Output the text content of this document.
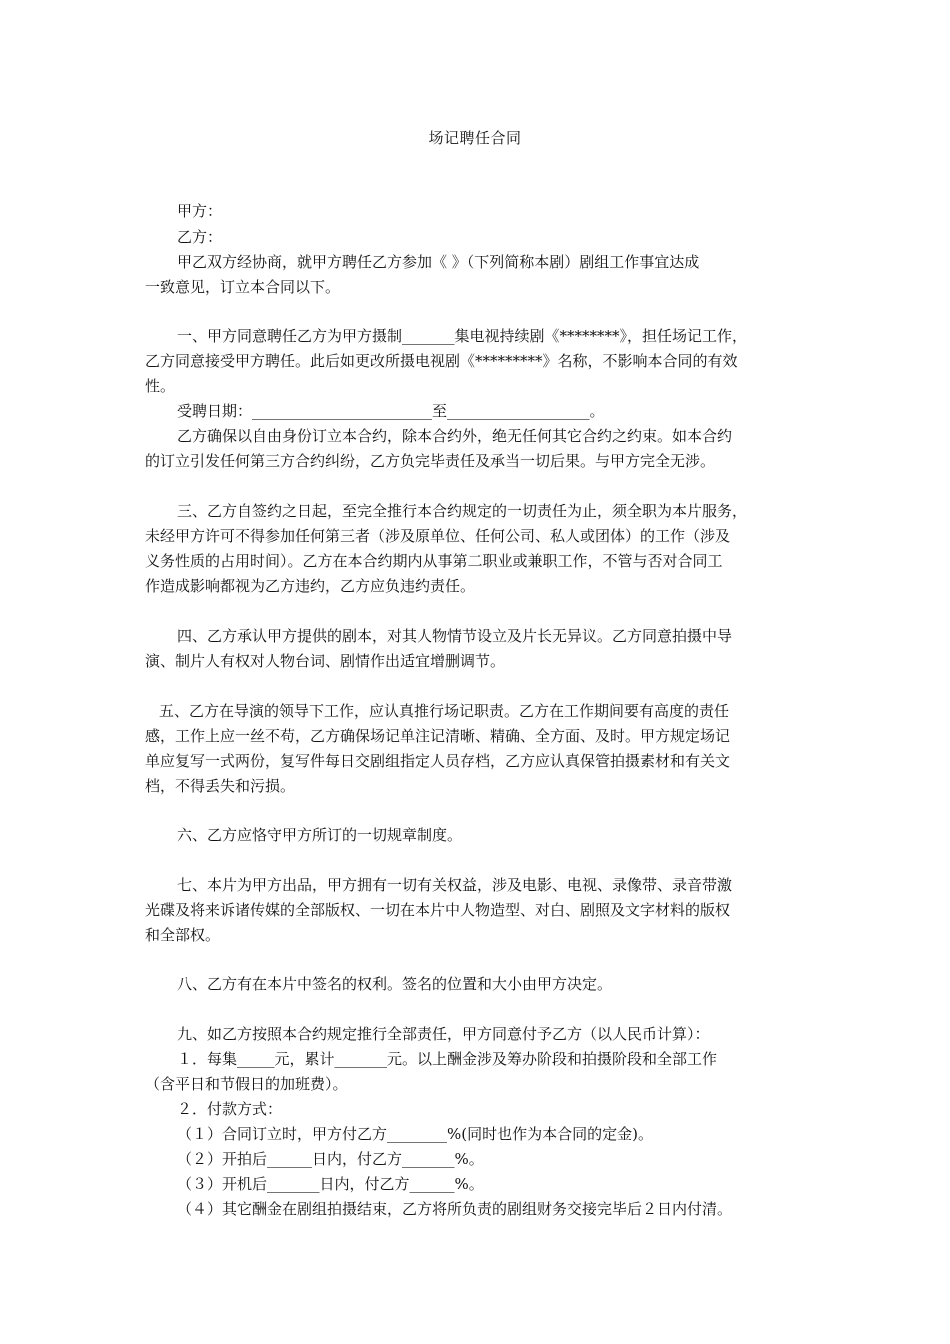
场记聘任合同
甲方：
乙方：
甲乙双方经协商，就甲方聘任乙方参加《 》（下列简称本剧）剧组工作事宜达成
一致意见，订立本合同以下。
一、甲方同意聘任乙方为甲方摄制_______集电视持续剧《********》，担任场记工作，
乙方同意接受甲方聘任。此后如更改所摄电视剧《*********》名称，不影响本合同的有效
性。
受聘日期：________________________至___________________。
乙方确保以自由身份订立本合约，除本合约外，绝无任何其它合约之约束。如本合约
的订立引发任何第三方合约纠纷，乙方负完毕责任及承当一切后果。与甲方完全无涉。
三、乙方自签约之日起，至完全推行本合约规定的一切责任为止，须全职为本片服务，
未经甲方许可不得参加任何第三者（涉及原单位、任何公司、私人或团体）的工作（涉及
义务性质的占用时间）。乙方在本合约期内从事第二职业或兼职工作，不管与否对合同工
作造成影响都视为乙方违约，乙方应负违约责任。
四、乙方承认甲方提供的剧本，对其人物情节设立及片长无异议。乙方同意拍摄中导
演、制片人有权对人物台词、剧情作出适宜增删调节。
五、乙方在导演的领导下工作，应认真推行场记职责。乙方在工作期间要有高度的责任
感，工作上应一丝不苟，乙方确保场记单注记清晰、精确、全方面、及时。甲方规定场记
单应复写一式两份，复写件每日交剧组指定人员存档，乙方应认真保管拍摄素材和有关文
档，不得丢失和污损。
六、乙方应恪守甲方所订的一切规章制度。
七、本片为甲方出品，甲方拥有一切有关权益，涉及电影、电视、录像带、录音带激
光碟及将来诉诸传媒的全部版权、一切在本片中人物造型、对白、剧照及文字材料的版权
和全部权。
八、乙方有在本片中签名的权利。签名的位置和大小由甲方决定。
九、如乙方按照本合约规定推行全部责任，甲方同意付予乙方（以人民币计算）：
１．每集_____元，累计_______元。以上酬金涉及筹办阶段和拍摄阶段和全部工作
（含平日和节假日的加班费）。
２．付款方式：
（１）合同订立时，甲方付乙方________%(同时也作为本合同的定金)。
（２）开拍后______日内，付乙方_______%。
（３）开机后_______日内，付乙方______%。
（４）其它酬金在剧组拍摄结束，乙方将所负责的剧组财务交接完毕后２日内付清。
